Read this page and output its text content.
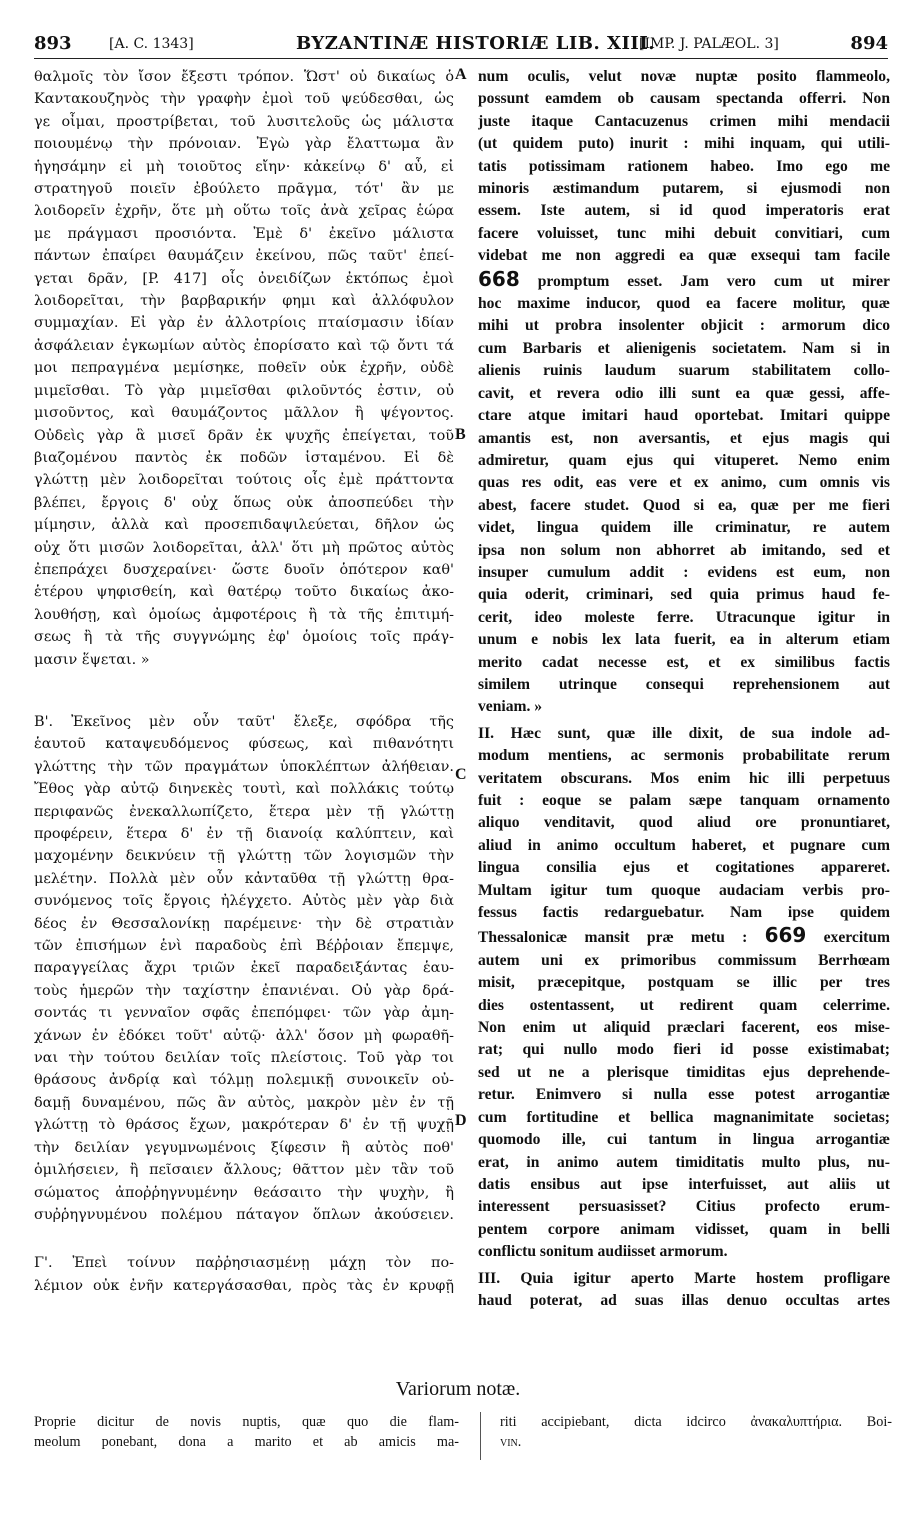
893	[A. C. 1343]	BYZANTINÆ HISTORIÆ LIB. XIII.
[IMP. J. PALÆOL. 3]	894
A
B
C
D

θαλμοῖς τὸν ἴσον ἔξεστι τρόπον. Ὥστ' οὐ δικαίως ὁ
Καντακουζηνὸς τὴν γραφὴν ἐμοὶ τοῦ ψεύδεσθαι, ὡς
γε οἶμαι, προστρίβεται, τοῦ λυσιτελοῦς ὡς μάλιστα
ποιουμένῳ τὴν πρόνοιαν. Ἐγὼ γὰρ ἔλαττωμα ἂν
ἡγησάμην εἰ μὴ τοιοῦτος εἴην· κἀκείνῳ δ' αὖ, εἰ
στρατηγοῦ ποιεῖν ἐβούλετο πρᾶγμα, τότ' ἂν με
λοιδορεῖν ἐχρῆν, ὅτε μὴ οὕτω τοῖς ἀνὰ χεῖρας ἑώρα
με πράγμασι προσιόντα. Ἐμὲ δ' ἐκεῖνο μάλιστα
πάντων ἐπαίρει θαυμάζειν ἐκείνου, πῶς ταῦτ' ἐπεί-
γεται δρᾶν, [P. 417] οἷς ὀνειδίζων ἐκτόπως ἐμοὶ
λοιδορεῖται, τὴν βαρβαρικήν φημι καὶ ἀλλόφυλον
συμμαχίαν. Εἰ γὰρ ἐν ἀλλοτρίοις πταίσμασιν ἰδίαν
ἀσφάλειαν ἐγκωμίων αὐτὸς ἐπορίσατο καὶ τῷ ὄντι τά
μοι πεπραγμένα μεμίσηκε, ποθεῖν οὐκ ἐχρῆν, οὐδὲ
μιμεῖσθαι. Τὸ γὰρ μιμεῖσθαι φιλοῦντός ἐστιν, οὐ
μισοῦντος, καὶ θαυμάζοντος μᾶλλον ἢ ψέγοντος.
Οὐδεὶς γὰρ ἃ μισεῖ δρᾶν ἐκ ψυχῆς ἐπείγεται, τοῦ
βιαζομένου παντὸς ἐκ ποδῶν ἱσταμένου. Εἰ δὲ
γλώττῃ μὲν λοιδορεῖται τούτοις οἷς ἐμὲ πράττοντα
βλέπει, ἔργοις δ' οὐχ ὅπως οὐκ ἀποσπεύδει τὴν
μίμησιν, ἀλλὰ καὶ προσεπιδαψιλεύεται, δῆλον ὡς
οὐχ ὅτι μισῶν λοιδορεῖται, ἀλλ' ὅτι μὴ πρῶτος αὐτὸς
ἐπεπράχει δυσχεραίνει· ὥστε δυοῖν ὁπότερον καθ'
ἑτέρου ψηφισθείη, καὶ θατέρῳ τοῦτο δικαίως ἀκο-
λουθήσῃ, καὶ ὁμοίως ἀμφοτέροις ἢ τὰ τῆς ἐπιτιμή-
σεως ἢ τὰ τῆς συγγνώμης ἐφ' ὁμοίοις τοῖς πράγ-
μασιν ἕψεται. »

Β'. Ἐκεῖνος μὲν οὖν ταῦτ' ἔλεξε, σφόδρα τῆς
ἑαυτοῦ καταψευδόμενος φύσεως, καὶ πιθανότητι
γλώττης τὴν τῶν πραγμάτων ὑποκλέπτων ἀλήθειαν.
Ἔθος γὰρ αὐτῷ διηνεκὲς τουτὶ, καὶ πολλάκις τούτῳ
περιφανῶς ἐνεκαλλωπίζετο, ἕτερα μὲν τῇ γλώττῃ
προφέρειν, ἕτερα δ' ἐν τῇ διανοίᾳ καλύπτειν, καὶ
μαχομένην δεικνύειν τῇ γλώττῃ τῶν λογισμῶν τὴν
μελέτην. Πολλὰ μὲν οὖν κἀνταῦθα τῇ γλώττῃ θρα-
συνόμενος τοῖς ἔργοις ἠλέγχετο. Αὐτὸς μὲν γὰρ διὰ
δέος ἐν Θεσσαλονίκῃ παρέμεινε· τὴν δὲ στρατιὰν
τῶν ἐπισήμων ἑνὶ παραδοὺς ἐπὶ Βέῤῥοιαν ἔπεμψε,
παραγγείλας ἄχρι τριῶν ἐκεῖ παραδειξάντας ἑαυ-
τοὺς ἡμερῶν τὴν ταχίστην ἐπανιέναι. Οὐ γὰρ δρά-
σοντάς τι γενναῖον σφᾶς ἐπεπόμφει· τῶν γὰρ ἀμη-
χάνων ἐν ἐδόκει τοῦτ' αὐτῷ· ἀλλ' ὅσον μὴ φωραθῆ-
ναι τὴν τούτου δειλίαν τοῖς πλείστοις. Τοῦ γὰρ τοι
θράσους ἀνδρίᾳ καὶ τόλμῃ πολεμικῇ συνοικεῖν οὐ-
δαμῇ δυναμένου, πῶς ἂν αὐτὸς, μακρὸν μὲν ἐν τῇ
γλώττῃ τὸ θράσος ἔχων, μακρότεραν δ' ἐν τῇ ψυχῇ
τὴν δειλίαν γεγυμνωμένοις ξίφεσιν ἢ αὐτὸς ποθ'
ὁμιλήσειεν, ἢ πεῖσαιεν ἄλλους; θᾶττον μὲν τἂν τοῦ
σώματος ἀποῤῥηγνυμένην θεάσαιτο τὴν ψυχὴν, ἢ
συῤῥηγνυμένου πολέμου πάταγον ὅπλων ἀκούσειεν.

Γ'. Ἐπεὶ τοίνυν παῤῥησιασμένῃ μάχῃ τὸν πο-
λέμιον οὐκ ἐνῆν κατεργάσασθαι, πρὸς τὰς ἐν κρυφῇ

num oculis, velut novæ nuptæ posito flammeolo,
possunt eamdem ob causam spectanda offerri. Non
juste itaque Cantacuzenus crimen mihi mendacii
(ut quidem puto) inurit : mihi inquam, qui utili-
tatis potissimam rationem habeo. Imo ego me
minoris æstimandum putarem, si ejusmodi non
essem. Iste autem, si id quod imperatoris erat
facere voluisset, tunc mihi debuit convitiari, cum
videbat me non aggredi ea quæ exsequi tam facile

668 promptum esset. Jam vero cum ut mirer

hoc maxime inducor, quod ea facere molitur, quæ
mihi ut probra insolenter objicit : armorum dico
cum Barbaris et alienigenis societatem. Nam si in
alienis ruinis laudum suarum stabilitatem collo-
cavit, et revera odio illi sunt ea quæ gessi, affe-
ctare atque imitari haud oportebat. Imitari quippe
amantis est, non aversantis, et ejus magis qui
admiretur, quam ejus qui vituperet. Nemo enim
quas res odit, eas vere et ex animo, cum omnis vis
abest, facere studet. Quod si ea, quæ per me fieri
videt, lingua quidem ille criminatur, re autem
ipsa non solum non abhorret ab imitando, sed et
insuper cumulum addit : evidens est eum, non
quia oderit, criminari, sed quia primus haud fe-
cerit, ideo moleste ferre. Utracunque igitur in
unum e nobis lex lata fuerit, ea in alterum etiam
merito cadat necesse est, et ex similibus factis
similem utrinque consequi reprehensionem aut
veniam. »

II. Hæc sunt, quæ ille dixit, de sua indole ad-
modum mentiens, ac sermonis probabilitate rerum
veritatem obscurans. Mos enim hic illi perpetuus
fuit : eoque se palam sæpe tanquam ornamento
aliquo venditavit, quod aliud ore pronuntiaret,
aliud in animo occultum haberet, et pugnare cum
lingua consilia ejus et cogitationes appareret.
Multam igitur tum quoque audaciam verbis pro-
fessus factis redarguebatur. Nam ipse quidem

Thessalonicæ mansit præ metu : 669 exercitum

autem uni ex primoribus commissum Berrhœam
misit, præcepitque, postquam se illic per tres
dies ostentassent, ut redirent quam celerrime.
Non enim ut aliquid præclari facerent, eos mise-
rat; qui nullo modo fieri id posse existimabat;
sed ut ne a plerisque timiditas ejus deprehende-
retur. Enimvero si nulla esse potest arrogantiæ
cum fortitudine et bellica magnanimitate societas;
quomodo ille, cui tantum in lingua arrogantiæ
erat, in animo autem timiditatis multo plus, nu-
datis ensibus aut ipse interfuisset, aut aliis ut
interessent persuasisset? Citius profecto erum-
pentem corpore animam vidisset, quam in belli
conflictu sonitum audiisset armorum.

III. Quia igitur aperto Marte hostem profligare
haud poterat, ad suas illas denuo occultas artes

Variorum notæ.
Proprie dicitur de novis nuptis, quæ quo die flam-
meolum ponebant, dona a marito et ab amicis ma-
riti accipiebant, dicta idcirco ἀνακαλυπτήρια. Boi-
vin.
